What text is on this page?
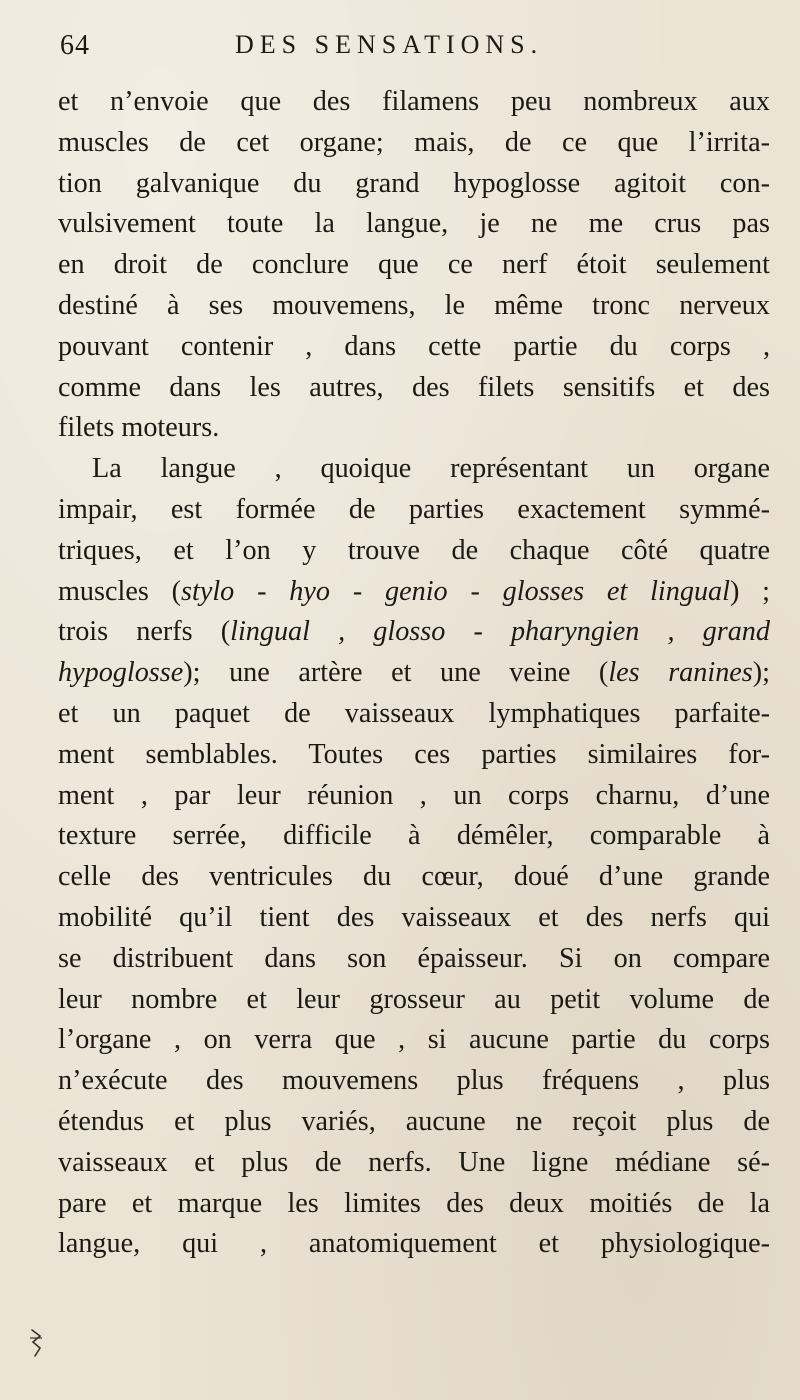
64	DES SENSATIONS.
et n’envoie que des filamens peu nombreux aux
muscles de cet organe; mais, de ce que l’irrita-
tion galvanique du grand hypoglosse agitoit con-
vulsivement toute la langue, je ne me crus pas
en droit de conclure que ce nerf étoit seulement
destiné à ses mouvemens, le même tronc nerveux
pouvant contenir , dans cette partie du corps ,
comme dans les autres, des filets sensitifs et des
filets moteurs.
La langue , quoique représentant un organe
impair, est formée de parties exactement symmé-
triques, et l’on y trouve de chaque côté quatre
muscles (stylo - hyo - genio - glosses et lingual) ;
trois nerfs (lingual , glosso - pharyngien , grand
hypoglosse); une artère et une veine (les ranines);
et un paquet de vaisseaux lymphatiques parfaite-
ment semblables. Toutes ces parties similaires for-
ment , par leur réunion , un corps charnu, d’une
texture serrée, difficile à démêler, comparable à
celle des ventricules du cœur, doué d’une grande
mobilité qu’il tient des vaisseaux et des nerfs qui
se distribuent dans son épaisseur. Si on compare
leur nombre et leur grosseur au petit volume de
l’organe , on verra que , si aucune partie du corps
n’exécute des mouvemens plus fréquens , plus
étendus et plus variés, aucune ne reçoit plus de
vaisseaux et plus de nerfs. Une ligne médiane sé-
pare et marque les limites des deux moitiés de la
langue, qui , anatomiquement et physiologique-
